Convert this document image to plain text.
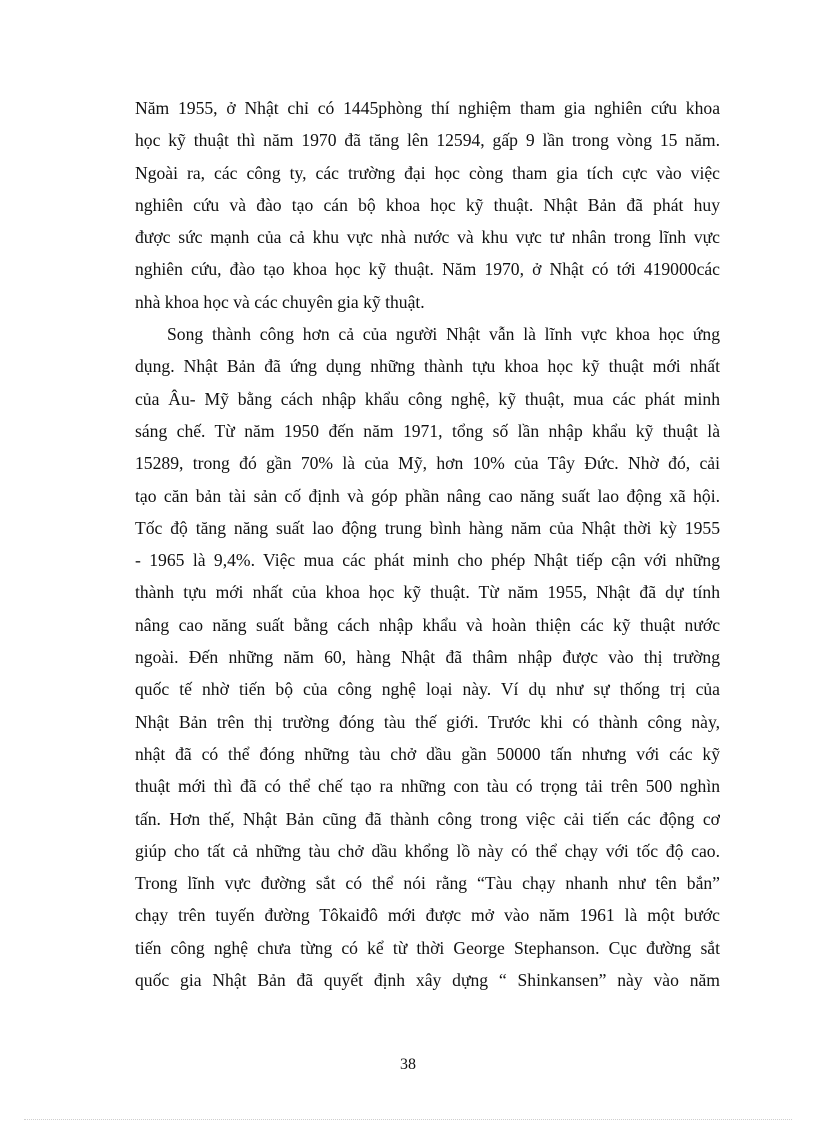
Năm 1955, ở Nhật chỉ có 1445phòng thí nghiệm tham gia nghiên cứu khoa
học kỹ thuật thì năm 1970 đã tăng lên 12594, gấp 9 lần trong vòng 15 năm.
Ngoài ra, các công ty, các trường đại học còng tham gia tích cực vào việc
nghiên cứu và đào tạo cán bộ khoa học kỹ thuật. Nhật Bản đã phát huy
được sức mạnh của cả khu vực nhà nước và khu vực tư nhân trong lĩnh vực
nghiên cứu, đào tạo khoa học kỹ thuật. Năm 1970, ở Nhật có tới 419000các
nhà khoa học và các chuyên gia kỹ thuật.
Song thành công hơn cả của người Nhật vẫn là lĩnh vực khoa học ứng
dụng. Nhật Bản đã ứng dụng những thành tựu khoa học kỹ thuật mới nhất
của Âu- Mỹ bằng cách nhập khẩu công nghệ, kỹ thuật, mua các phát minh
sáng chế. Từ năm 1950 đến năm 1971, tổng số lần nhập khẩu kỹ thuật là
15289, trong đó gần 70% là của Mỹ, hơn 10% của Tây Đức. Nhờ đó, cải
tạo căn bản tài sản cố định và góp phần nâng cao năng suất lao động xã hội.
Tốc độ tăng năng suất lao động trung bình hàng năm của Nhật thời kỳ 1955
- 1965 là 9,4%. Việc mua các phát minh cho phép Nhật tiếp cận với những
thành tựu mới nhất của khoa học kỹ thuật. Từ năm 1955, Nhật đã dự tính
nâng cao năng suất bằng cách nhập khẩu và hoàn thiện các kỹ thuật nước
ngoài. Đến những năm 60, hàng Nhật đã thâm nhập được vào thị trường
quốc tế nhờ tiến bộ của công nghệ loại này. Ví dụ như sự thống trị của
Nhật Bản trên thị trường đóng tàu thế giới. Trước khi có thành công này,
nhật đã có thể đóng những tàu chở dầu gần 50000 tấn nhưng với các kỹ
thuật mới thì đã có thể chế tạo ra những con tàu có trọng tải trên 500 nghìn
tấn. Hơn thế, Nhật Bản cũng đã thành công trong việc cải tiến các động cơ
giúp cho tất cả những tàu chở dầu khổng lồ này có thể chạy với tốc độ cao.
Trong lĩnh vực đường sắt có thể nói rằng “Tàu chạy nhanh như tên bắn”
chạy trên tuyến đường Tôkaiđô mới được mở vào năm 1961 là một bước
tiến công nghệ chưa từng có kể từ thời George Stephanson. Cục đường sắt
quốc gia Nhật Bản đã quyết định xây dựng “ Shinkansen” này vào năm
38
